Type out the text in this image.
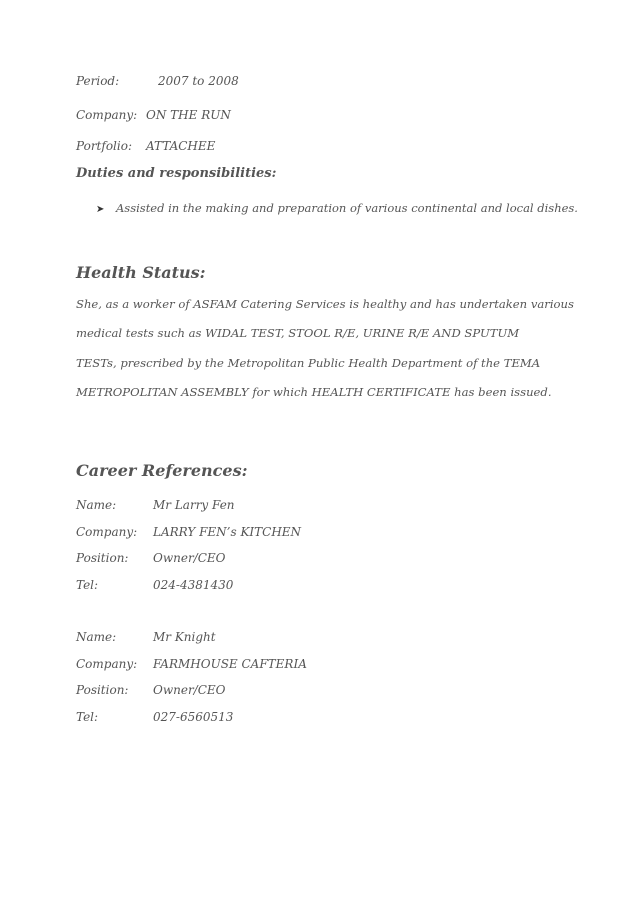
Period:	2007 to 2008
Company: ON THE RUN
Portfolio: ATTACHEE
Duties and responsibilities:
➤ Assisted in the making and preparation of various continental and local dishes.
Health Status:
She, as a worker of ASFAM Catering Services is healthy and has undertaken various
medical tests such as WIDAL TEST, STOOL R/E, URINE R/E AND SPUTUM
TESTs, prescribed by the Metropolitan Public Health Department of the TEMA
METROPOLITAN ASSEMBLY for which HEALTH CERTIFICATE has been issued.
Career References:
Name:	Mr Larry Fen
Company: LARRY FEN’s KITCHEN
Position: Owner/CEO
Tel:	024-4381430
Name:	Mr Knight
Company: FARMHOUSE CAFTERIA
Position: Owner/CEO
Tel:	027-6560513
